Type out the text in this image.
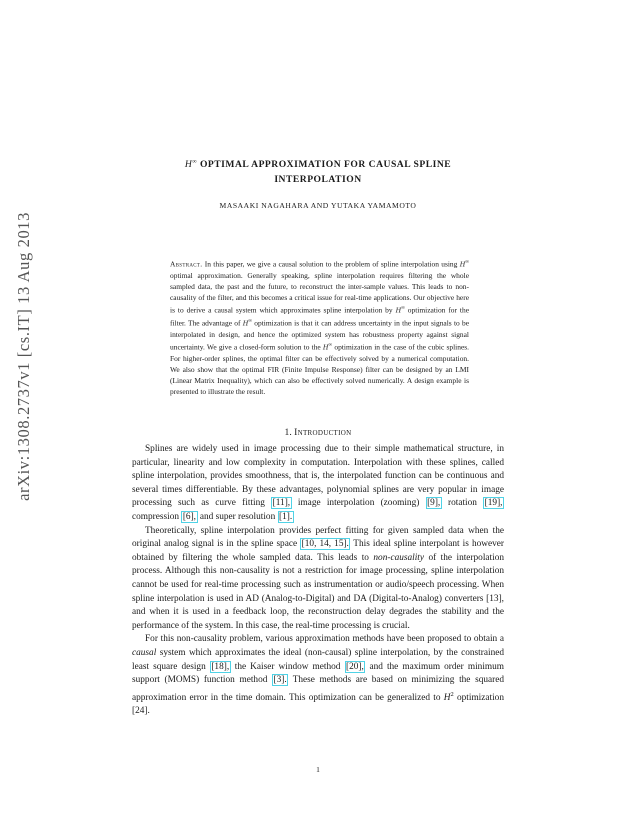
arXiv:1308.2737v1 [cs.IT] 13 Aug 2013
H∞ OPTIMAL APPROXIMATION FOR CAUSAL SPLINE
INTERPOLATION
MASAAKI NAGAHARA AND YUTAKA YAMAMOTO
Abstract. In this paper, we give a causal solution to the problem of spline interpolation using H∞ optimal approximation. Generally speaking, spline interpolation requires filtering the whole sampled data, the past and the future, to reconstruct the inter-sample values. This leads to non-causality of the filter, and this becomes a critical issue for real-time applications. Our objective here is to derive a causal system which approximates spline interpolation by H∞ optimization for the filter. The advantage of H∞ optimization is that it can address uncertainty in the input signals to be interpolated in design, and hence the optimized system has robustness property against signal uncertainty. We give a closed-form solution to the H∞ optimization in the case of the cubic splines. For higher-order splines, the optimal filter can be effectively solved by a numerical computation. We also show that the optimal FIR (Finite Impulse Response) filter can be designed by an LMI (Linear Matrix Inequality), which can also be effectively solved numerically. A design example is presented to illustrate the result.
1. Introduction

Splines are widely used in image processing due to their simple mathematical structure, in particular, linearity and low complexity in computation. Interpolation with these splines, called spline interpolation, provides smoothness, that is, the interpolated function can be continuous and several times differentiable. By these advantages, polynomial splines are very popular in image processing such as curve fitting [11], image interpolation (zooming) [9], rotation [19], compression [6], and super resolution [1].

Theoretically, spline interpolation provides perfect fitting for given sampled data when the original analog signal is in the spline space [10, 14, 15]. This ideal spline interpolant is however obtained by filtering the whole sampled data. This leads to non-causality of the interpolation process. Although this non-causality is not a restriction for image processing, spline interpolation cannot be used for real-time processing such as instrumentation or audio/speech processing. When spline interpolation is used in AD (Analog-to-Digital) and DA (Digital-to-Analog) converters [13], and when it is used in a feedback loop, the reconstruction delay degrades the stability and the performance of the system. In this case, the real-time processing is crucial.

For this non-causality problem, various approximation methods have been proposed to obtain a causal system which approximates the ideal (non-causal) spline interpolation, by the constrained least square design [18], the Kaiser window method [20], and the maximum order minimum support (MOMS) function method [3]. These methods are based on minimizing the squared approximation error in the time domain. This optimization can be generalized to $H^2$ optimization [24].

1
